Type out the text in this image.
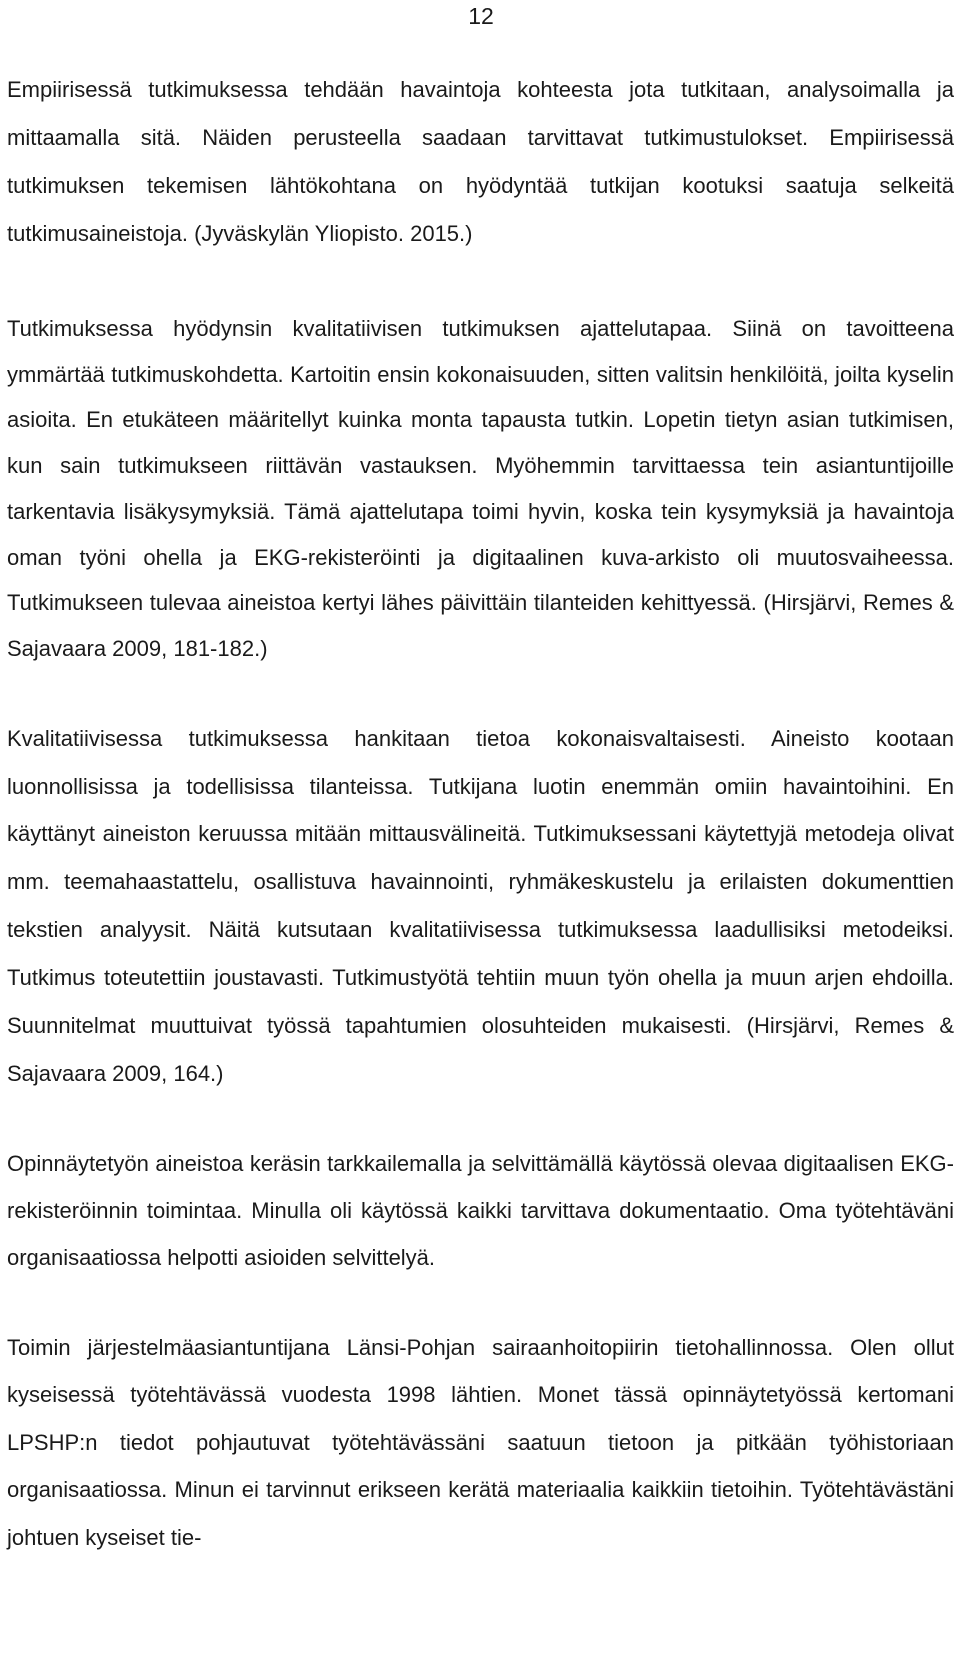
12

Empiirisessä tutkimuksessa tehdään havaintoja kohteesta jota tutkitaan, analysoimalla ja mittaamalla sitä. Näiden perusteella saadaan tarvittavat tutkimustulokset. Empiirisessä tutkimuksen tekemisen lähtökohtana on hyödyntää tutkijan kootuksi saatuja selkeitä tutkimusaineistoja. (Jyväskylän Yliopisto. 2015.)

Tutkimuksessa hyödynsin kvalitatiivisen tutkimuksen ajattelutapaa. Siinä on tavoitteena ymmärtää tutkimuskohdetta. Kartoitin ensin kokonaisuuden, sitten valitsin henkilöitä, joilta kyselin asioita. En etukäteen määritellyt kuinka monta tapausta tutkin. Lopetin tietyn asian tutkimisen, kun sain tutkimukseen riittävän vastauksen. Myöhemmin tarvittaessa tein asiantuntijoille tarkentavia lisäkysymyksiä. Tämä ajattelutapa toimi hyvin, koska tein kysymyksiä ja havaintoja oman työni ohella ja EKG-rekisteröinti ja digitaalinen kuva-arkisto oli muutosvaiheessa. Tutkimukseen tulevaa aineistoa kertyi lähes päivittäin tilanteiden kehittyessä. (Hirsjärvi, Remes & Sajavaara 2009, 181-182.)

Kvalitatiivisessa tutkimuksessa hankitaan tietoa kokonaisvaltaisesti. Aineisto kootaan luonnollisissa ja todellisissa tilanteissa. Tutkijana luotin enemmän omiin havaintoihini. En käyttänyt aineiston keruussa mitään mittausvälineitä. Tutkimuksessani käytettyjä metodeja olivat mm. teemahaastattelu, osallistuva havainnointi, ryhmäkeskustelu ja erilaisten dokumenttien tekstien analyysit. Näitä kutsutaan kvalitatiivisessa tutkimuksessa laadullisiksi metodeiksi. Tutkimus toteutettiin joustavasti. Tutkimustyötä tehtiin muun työn ohella ja muun arjen ehdoilla. Suunnitelmat muuttuivat työssä tapahtumien olosuhteiden mukaisesti. (Hirsjärvi, Remes & Sajavaara 2009, 164.)

Opinnäytetyön aineistoa keräsin tarkkailemalla ja selvittämällä käytössä olevaa digitaalisen EKG-rekisteröinnin toimintaa. Minulla oli käytössä kaikki tarvittava dokumentaatio. Oma työtehtäväni organisaatiossa helpotti asioiden selvittelyä.

Toimin järjestelmäasiantuntijana Länsi-Pohjan sairaanhoitopiirin tietohallinnossa. Olen ollut kyseisessä työtehtävässä vuodesta 1998 lähtien. Monet tässä opinnäytetyössä kertomani LPSHP:n tiedot pohjautuvat työtehtävässäni saatuun tietoon ja pitkään työhistoriaan organisaatiossa. Minun ei tarvinnut erikseen kerätä materiaalia kaikkiin tietoihin. Työtehtävästäni johtuen kyseiset tie-
